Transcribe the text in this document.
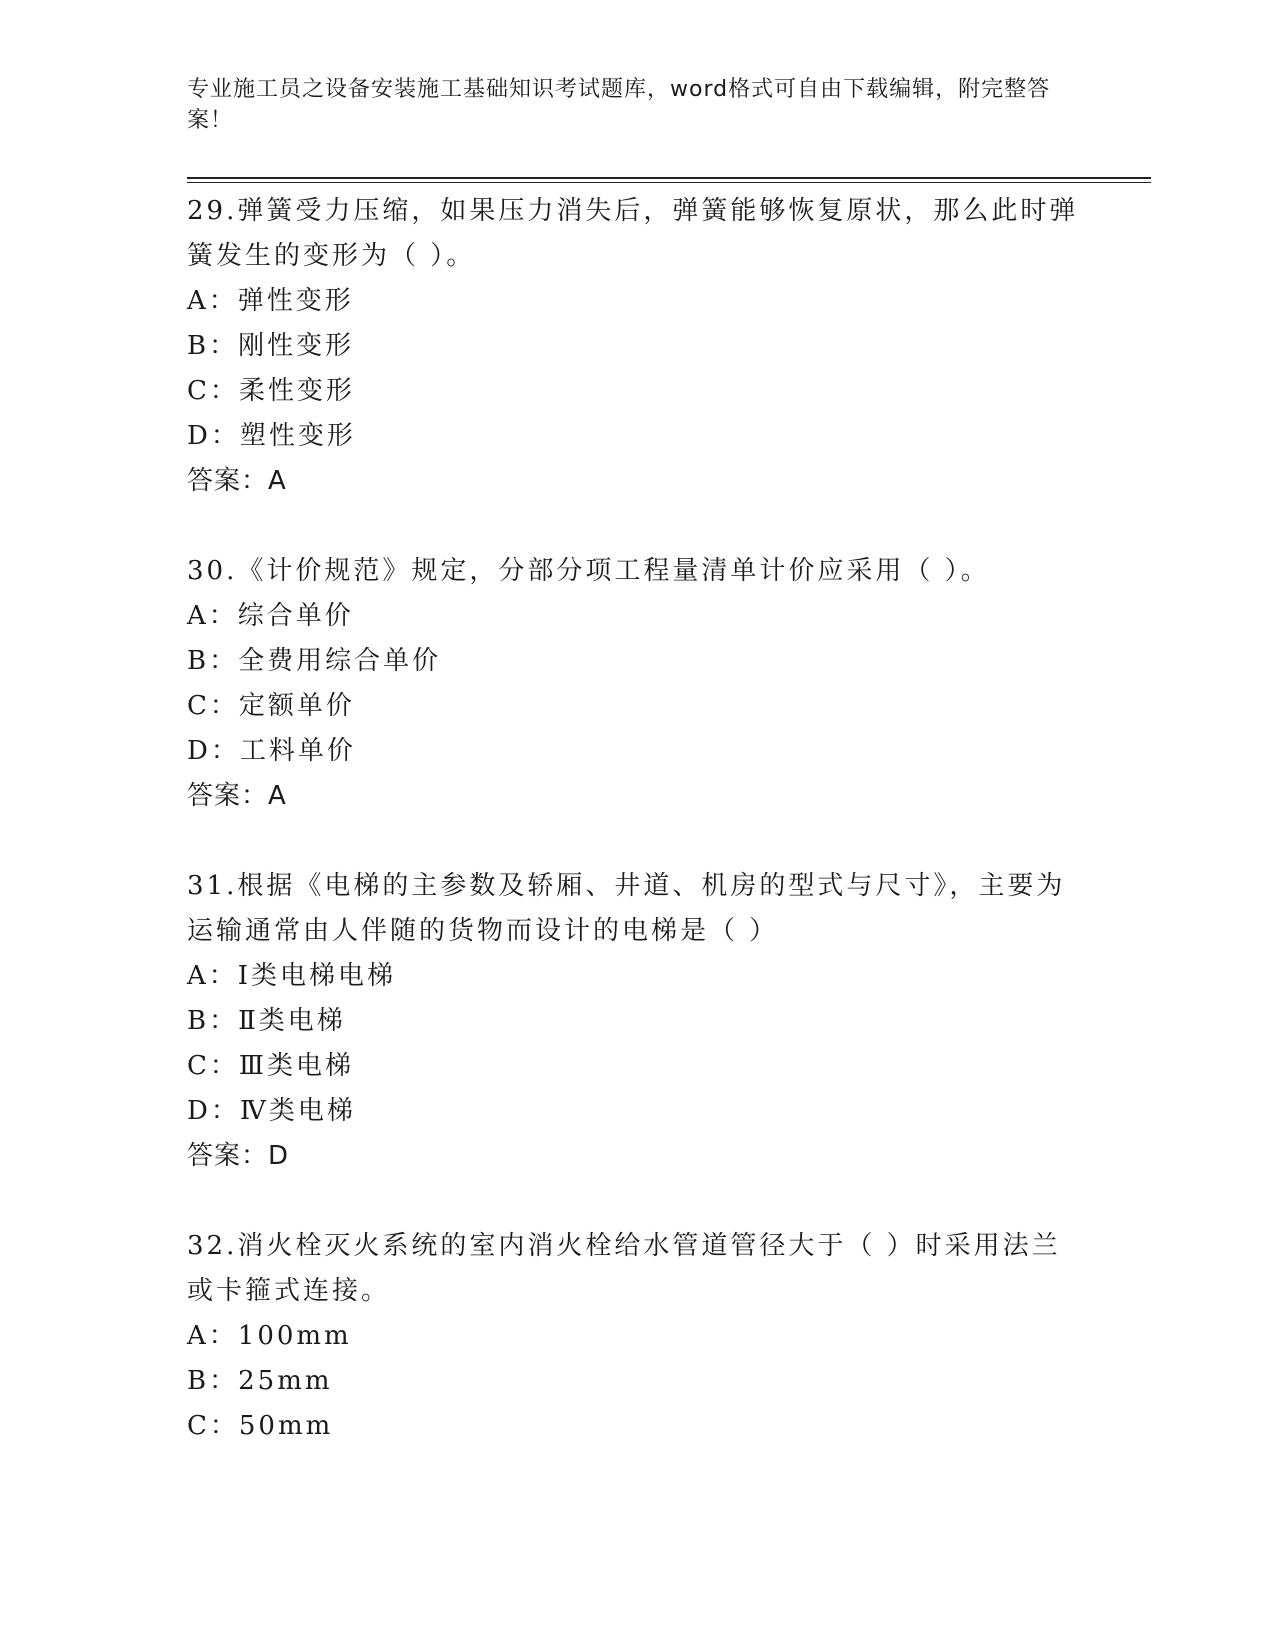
专业施工员之设备安装施工基础知识考试题库，word格式可自由下载编辑，附完整答案！

29.弹簧受力压缩，如果压力消失后，弹簧能够恢复原状，那么此时弹簧发生的变形为（ ）。

A：弹性变形

B：刚性变形

C：柔性变形

D：塑性变形

答案：A

30.《计价规范》规定，分部分项工程量清单计价应采用（ ）。

A：综合单价

B：全费用综合单价

C：定额单价

D：工料单价

答案：A

31.根据《电梯的主参数及轿厢、井道、机房的型式与尺寸》，主要为运输通常由人伴随的货物而设计的电梯是（ ）

A：Ⅰ类电梯电梯

B：Ⅱ类电梯

C：Ⅲ类电梯

D：Ⅳ类电梯

答案：D

32.消火栓灭火系统的室内消火栓给水管道管径大于（ ）时采用法兰或卡箍式连接。

A：100mm

B：25mm

C：50mm
